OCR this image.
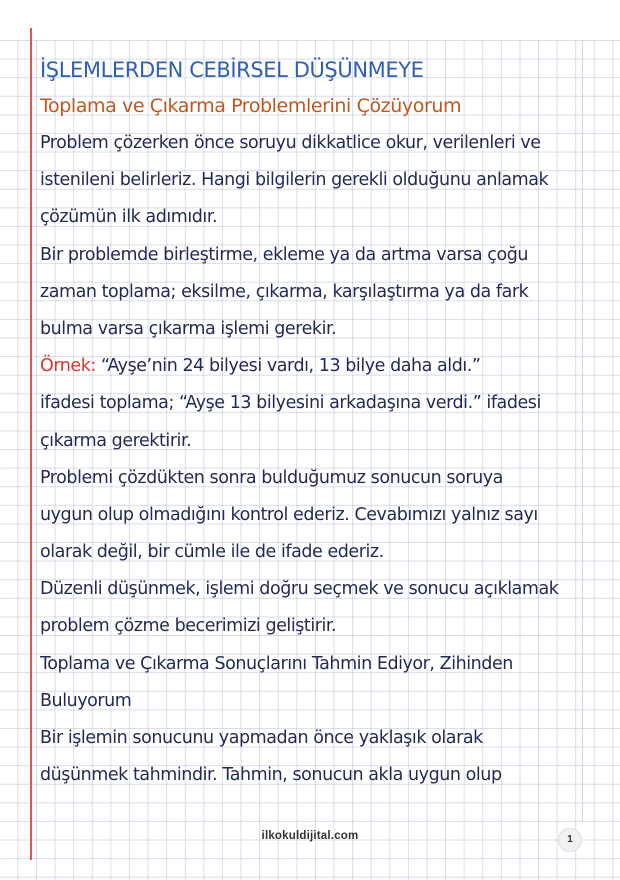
İŞLEMLERDEN CEBİRSEL DÜŞÜNMEYE
Toplama ve Çıkarma Problemlerini Çözüyorum
Problem çözerken önce soruyu dikkatlice okur, verilenleri ve
istenileni belirleriz. Hangi bilgilerin gerekli olduğunu anlamak
çözümün ilk adımıdır.
Bir problemde birleştirme, ekleme ya da artma varsa çoğu
zaman toplama; eksilme, çıkarma, karşılaştırma ya da fark
bulma varsa çıkarma işlemi gerekir.
Örnek: “Ayşe’nin 24 bilyesi vardı, 13 bilye daha aldı.”
ifadesi toplama; “Ayşe 13 bilyesini arkadaşına verdi.” ifadesi
çıkarma gerektirir.
Problemi çözdükten sonra bulduğumuz sonucun soruya
uygun olup olmadığını kontrol ederiz. Cevabımızı yalnız sayı
olarak değil, bir cümle ile de ifade ederiz.
Düzenli düşünmek, işlemi doğru seçmek ve sonucu açıklamak
problem çözme becerimizi geliştirir.
Toplama ve Çıkarma Sonuçlarını Tahmin Ediyor, Zihinden
Buluyorum
Bir işlemin sonucunu yapmadan önce yaklaşık olarak
düşünmek tahmindir. Tahmin, sonucun akla uygun olup
ilkokuldijital.com	1
